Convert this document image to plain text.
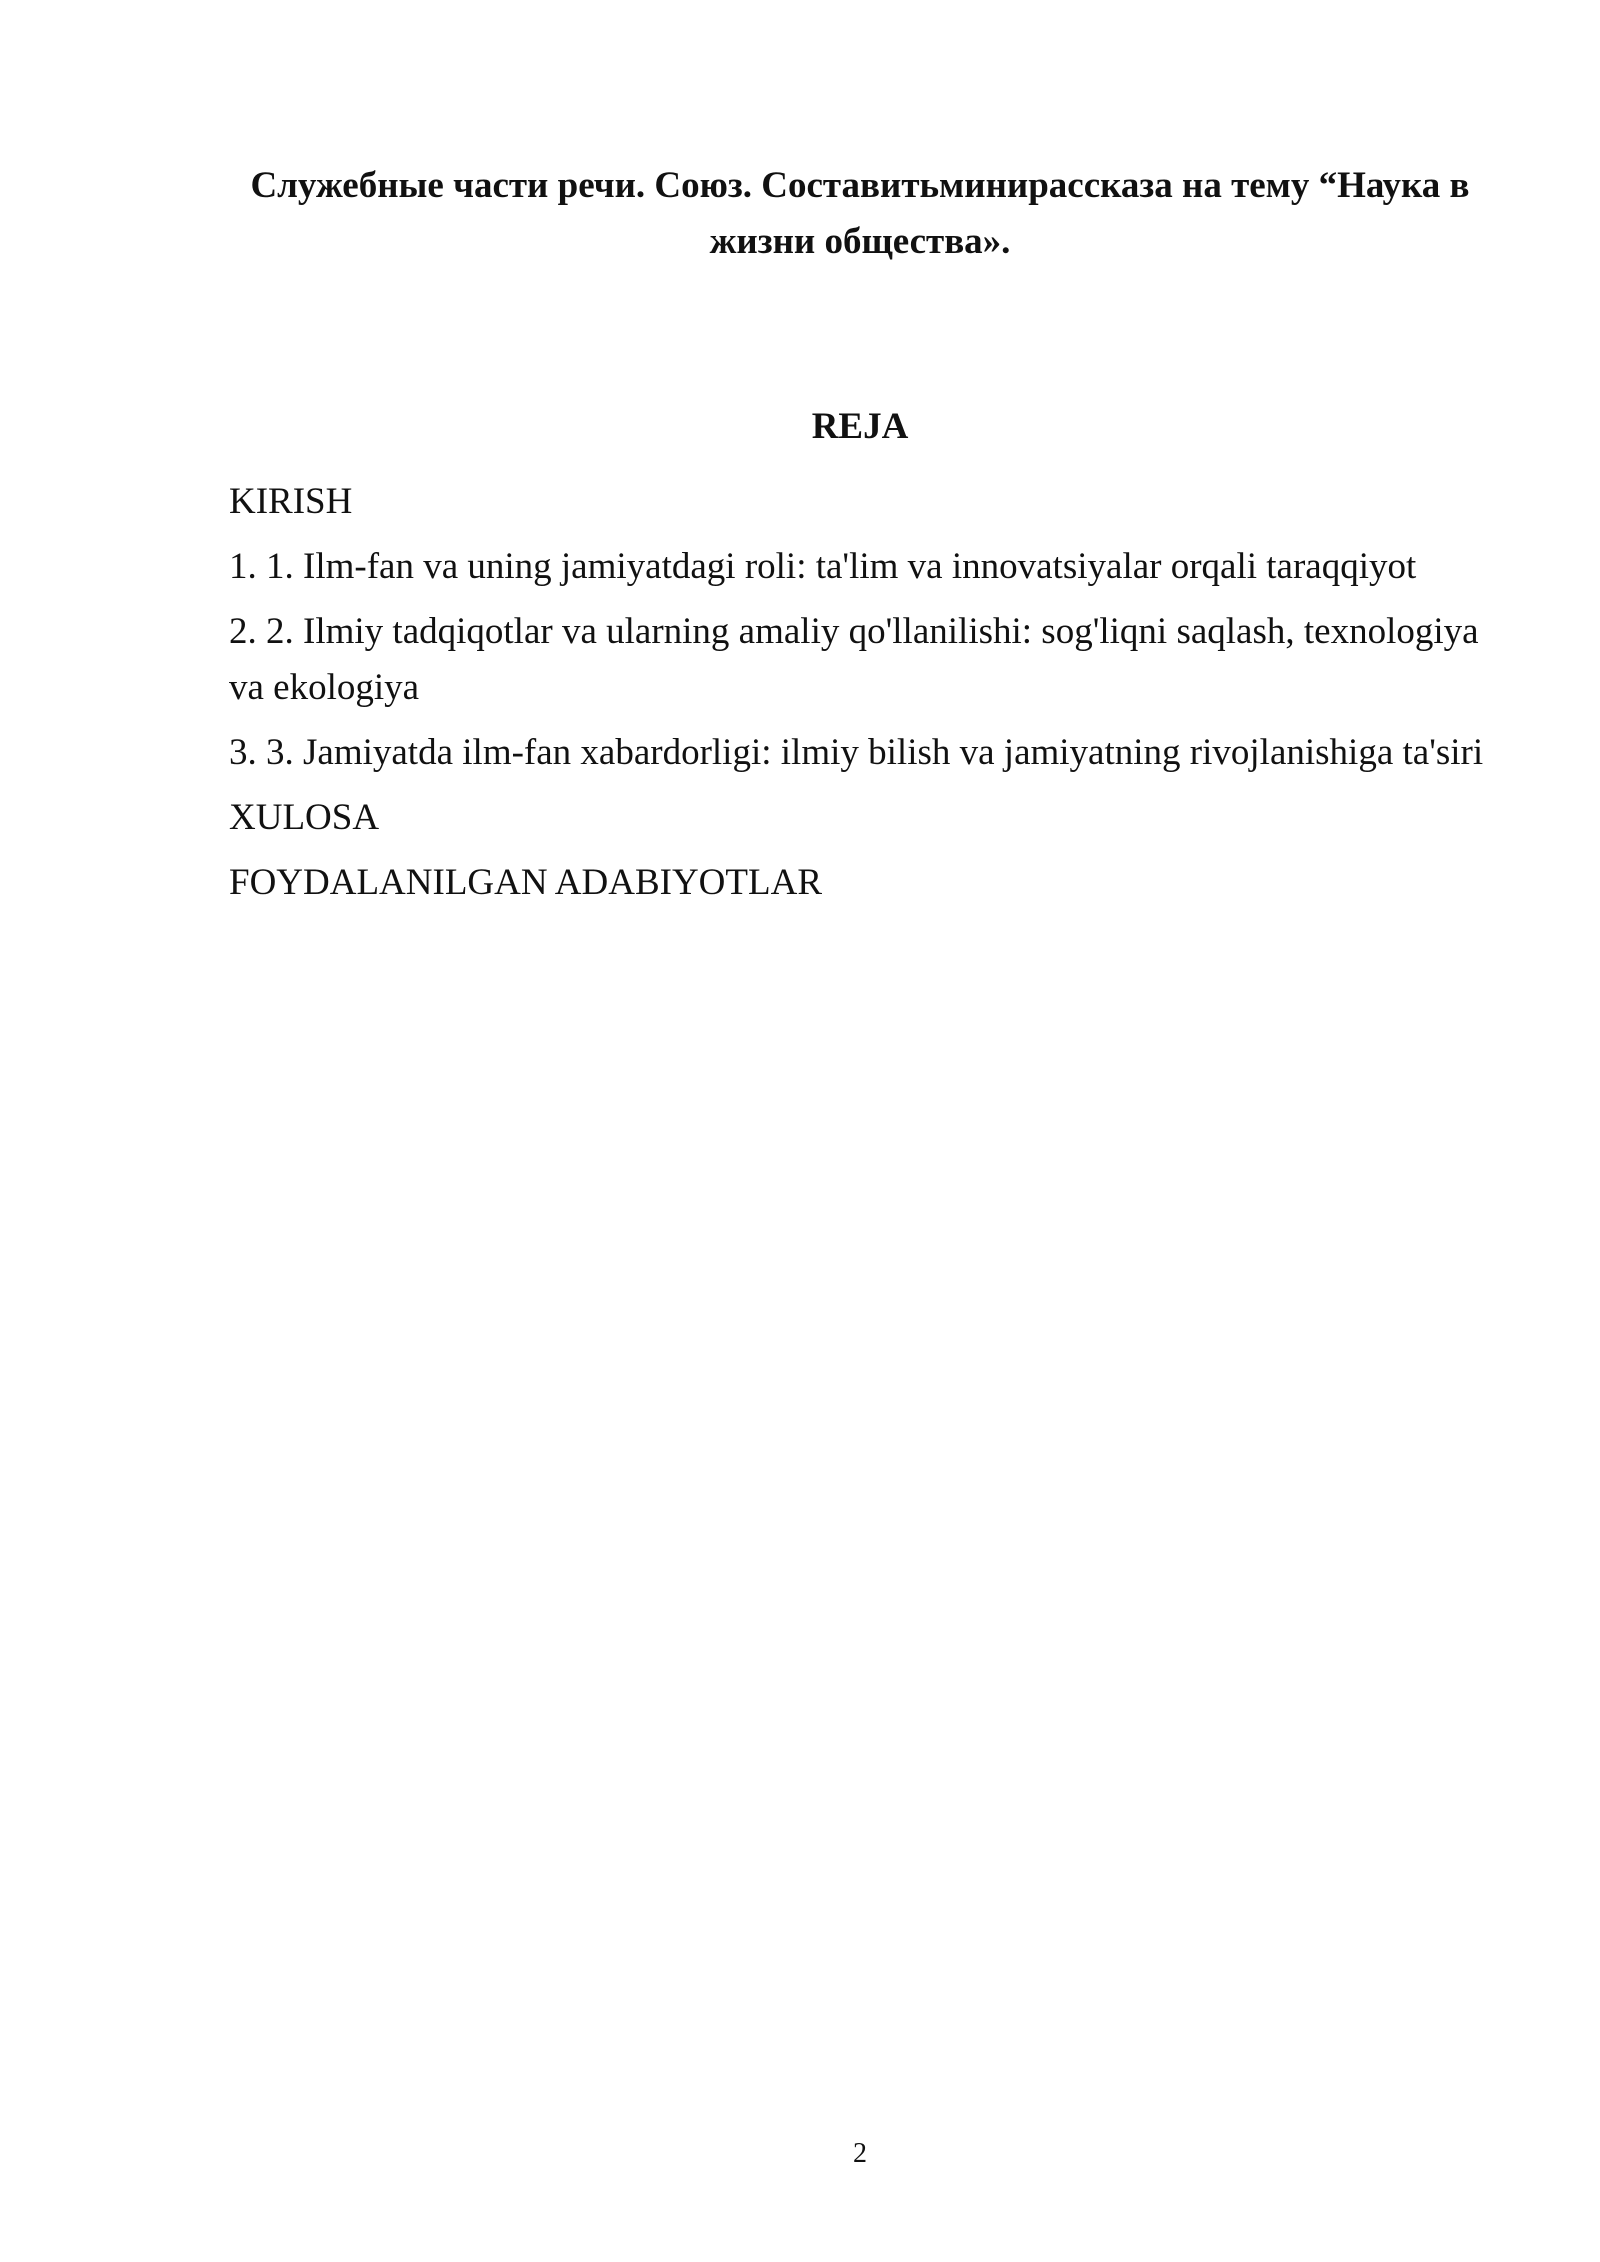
Служебные части речи. Союз. Составитьминирассказа на тему “Наука в жизни общества».
REJA
KIRISH
1. 1. Ilm-fan va uning jamiyatdagi roli: ta'lim va innovatsiyalar orqali taraqqiyot
2. 2. Ilmiy tadqiqotlar va ularning amaliy qo'llanilishi: sog'liqni saqlash, texnologiya va ekologiya
3. 3. Jamiyatda ilm-fan xabardorligi: ilmiy bilish va jamiyatning rivojlanishiga ta'siri
XULOSA
FOYDALANILGAN ADABIYOTLAR
2
